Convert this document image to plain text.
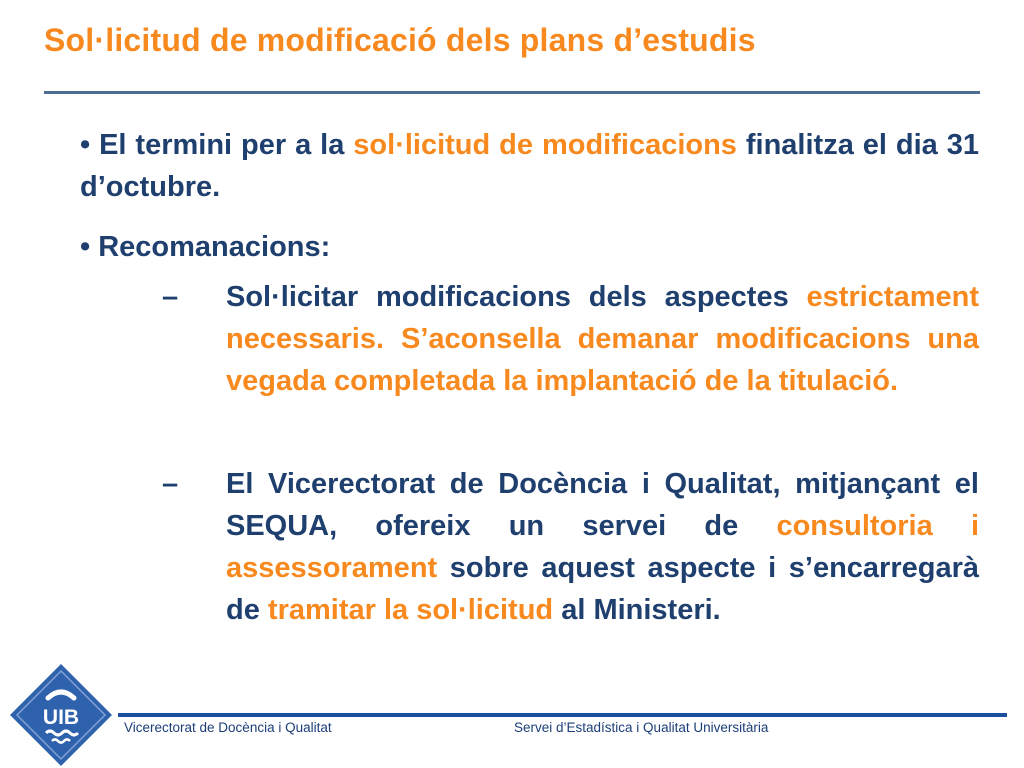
Sol·licitud de modificació dels plans d’estudis
• El termini per a la sol·licitud de modificacions finalitza el dia 31 d’octubre.
• Recomanacions:
– Sol·licitar modificacions dels aspectes estrictament necessaris. S’aconsella demanar modificacions una vegada completada la implantació de la titulació.
– El Vicerectorat de Docència i Qualitat, mitjançant el SEQUA, ofereix un servei de consultoria i assessorament sobre aquest aspecte i s’encarregarà de tramitar la sol·licitud al Ministeri.
UIB	Vicerectorat de Docència i Qualitat	Servei d’Estadística i Qualitat Universitària
